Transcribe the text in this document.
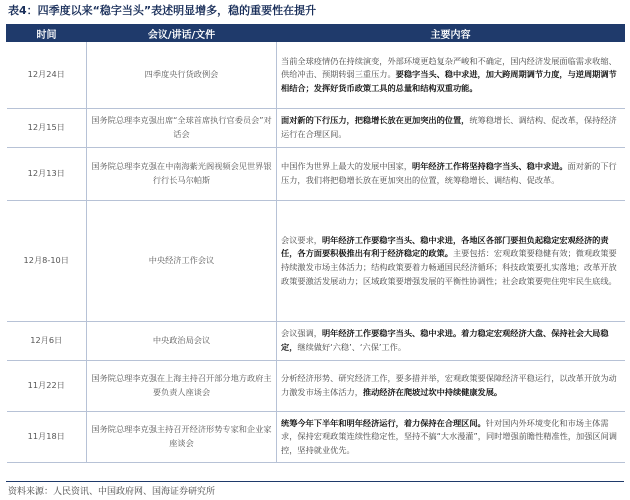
表4：四季度以来“稳字当头”表述明显增多，稳的重要性在提升
时间	会议/讲话/文件	主要内容
12月24日	四季度央行货政例会	当前全球疫情仍在持续演变，外部环境更趋复杂严峻和不确定，国内经济发展面临需求收缩、供给冲击、预期转弱三重压力。要稳字当头、稳中求进，加大跨周期调节力度，与逆周期调节相结合；发挥好货币政策工具的总量和结构双重功能。
12月15日	国务院总理李克强出席“全球首席执行官委员会”对话会	面对新的下行压力，把稳增长放在更加突出的位置，统筹稳增长、调结构、促改革，保持经济运行在合理区间。
12月13日	国务院总理李克强在中南海紫光阁视频会见世界银行行长马尔帕斯	中国作为世界上最大的发展中国家，明年经济工作将坚持稳字当头、稳中求进。面对新的下行压力，我们将把稳增长放在更加突出的位置，统筹稳增长、调结构、促改革。
12月8-10日	中央经济工作会议	会议要求，明年经济工作要稳字当头、稳中求进，各地区各部门要担负起稳定宏观经济的责任，各方面要积极推出有利于经济稳定的政策。主要包括：宏观政策要稳健有效；微观政策要持续激发市场主体活力；结构政策要着力畅通国民经济循环；科技政策要扎实落地；改革开放政策要激活发展动力；区域政策要增强发展的平衡性协调性；社会政策要兜住兜牢民生底线。
12月6日	中央政治局会议	会议强调，明年经济工作要稳字当头、稳中求进。着力稳定宏观经济大盘、保持社会大局稳定，继续做好‘六稳’、‘六保’工作。
11月22日	国务院总理李克强在上海主持召开部分地方政府主要负责人座谈会	分析经济形势、研究经济工作，要多措并举，宏观政策要保障经济平稳运行，以改革开放为动力激发市场主体活力，推动经济在爬坡过坎中持续健康发展。
11月18日	国务院总理李克强主持召开经济形势专家和企业家座谈会	统筹今年下半年和明年经济运行，着力保持在合理区间。针对国内外环境变化和市场主体需求，保持宏观政策连续性稳定性，坚持不搞“大水漫灌”，同时增强前瞻性精准性，加强区间调控，坚持就业优先。
资料来源：人民资讯、中国政府网、国海证券研究所
